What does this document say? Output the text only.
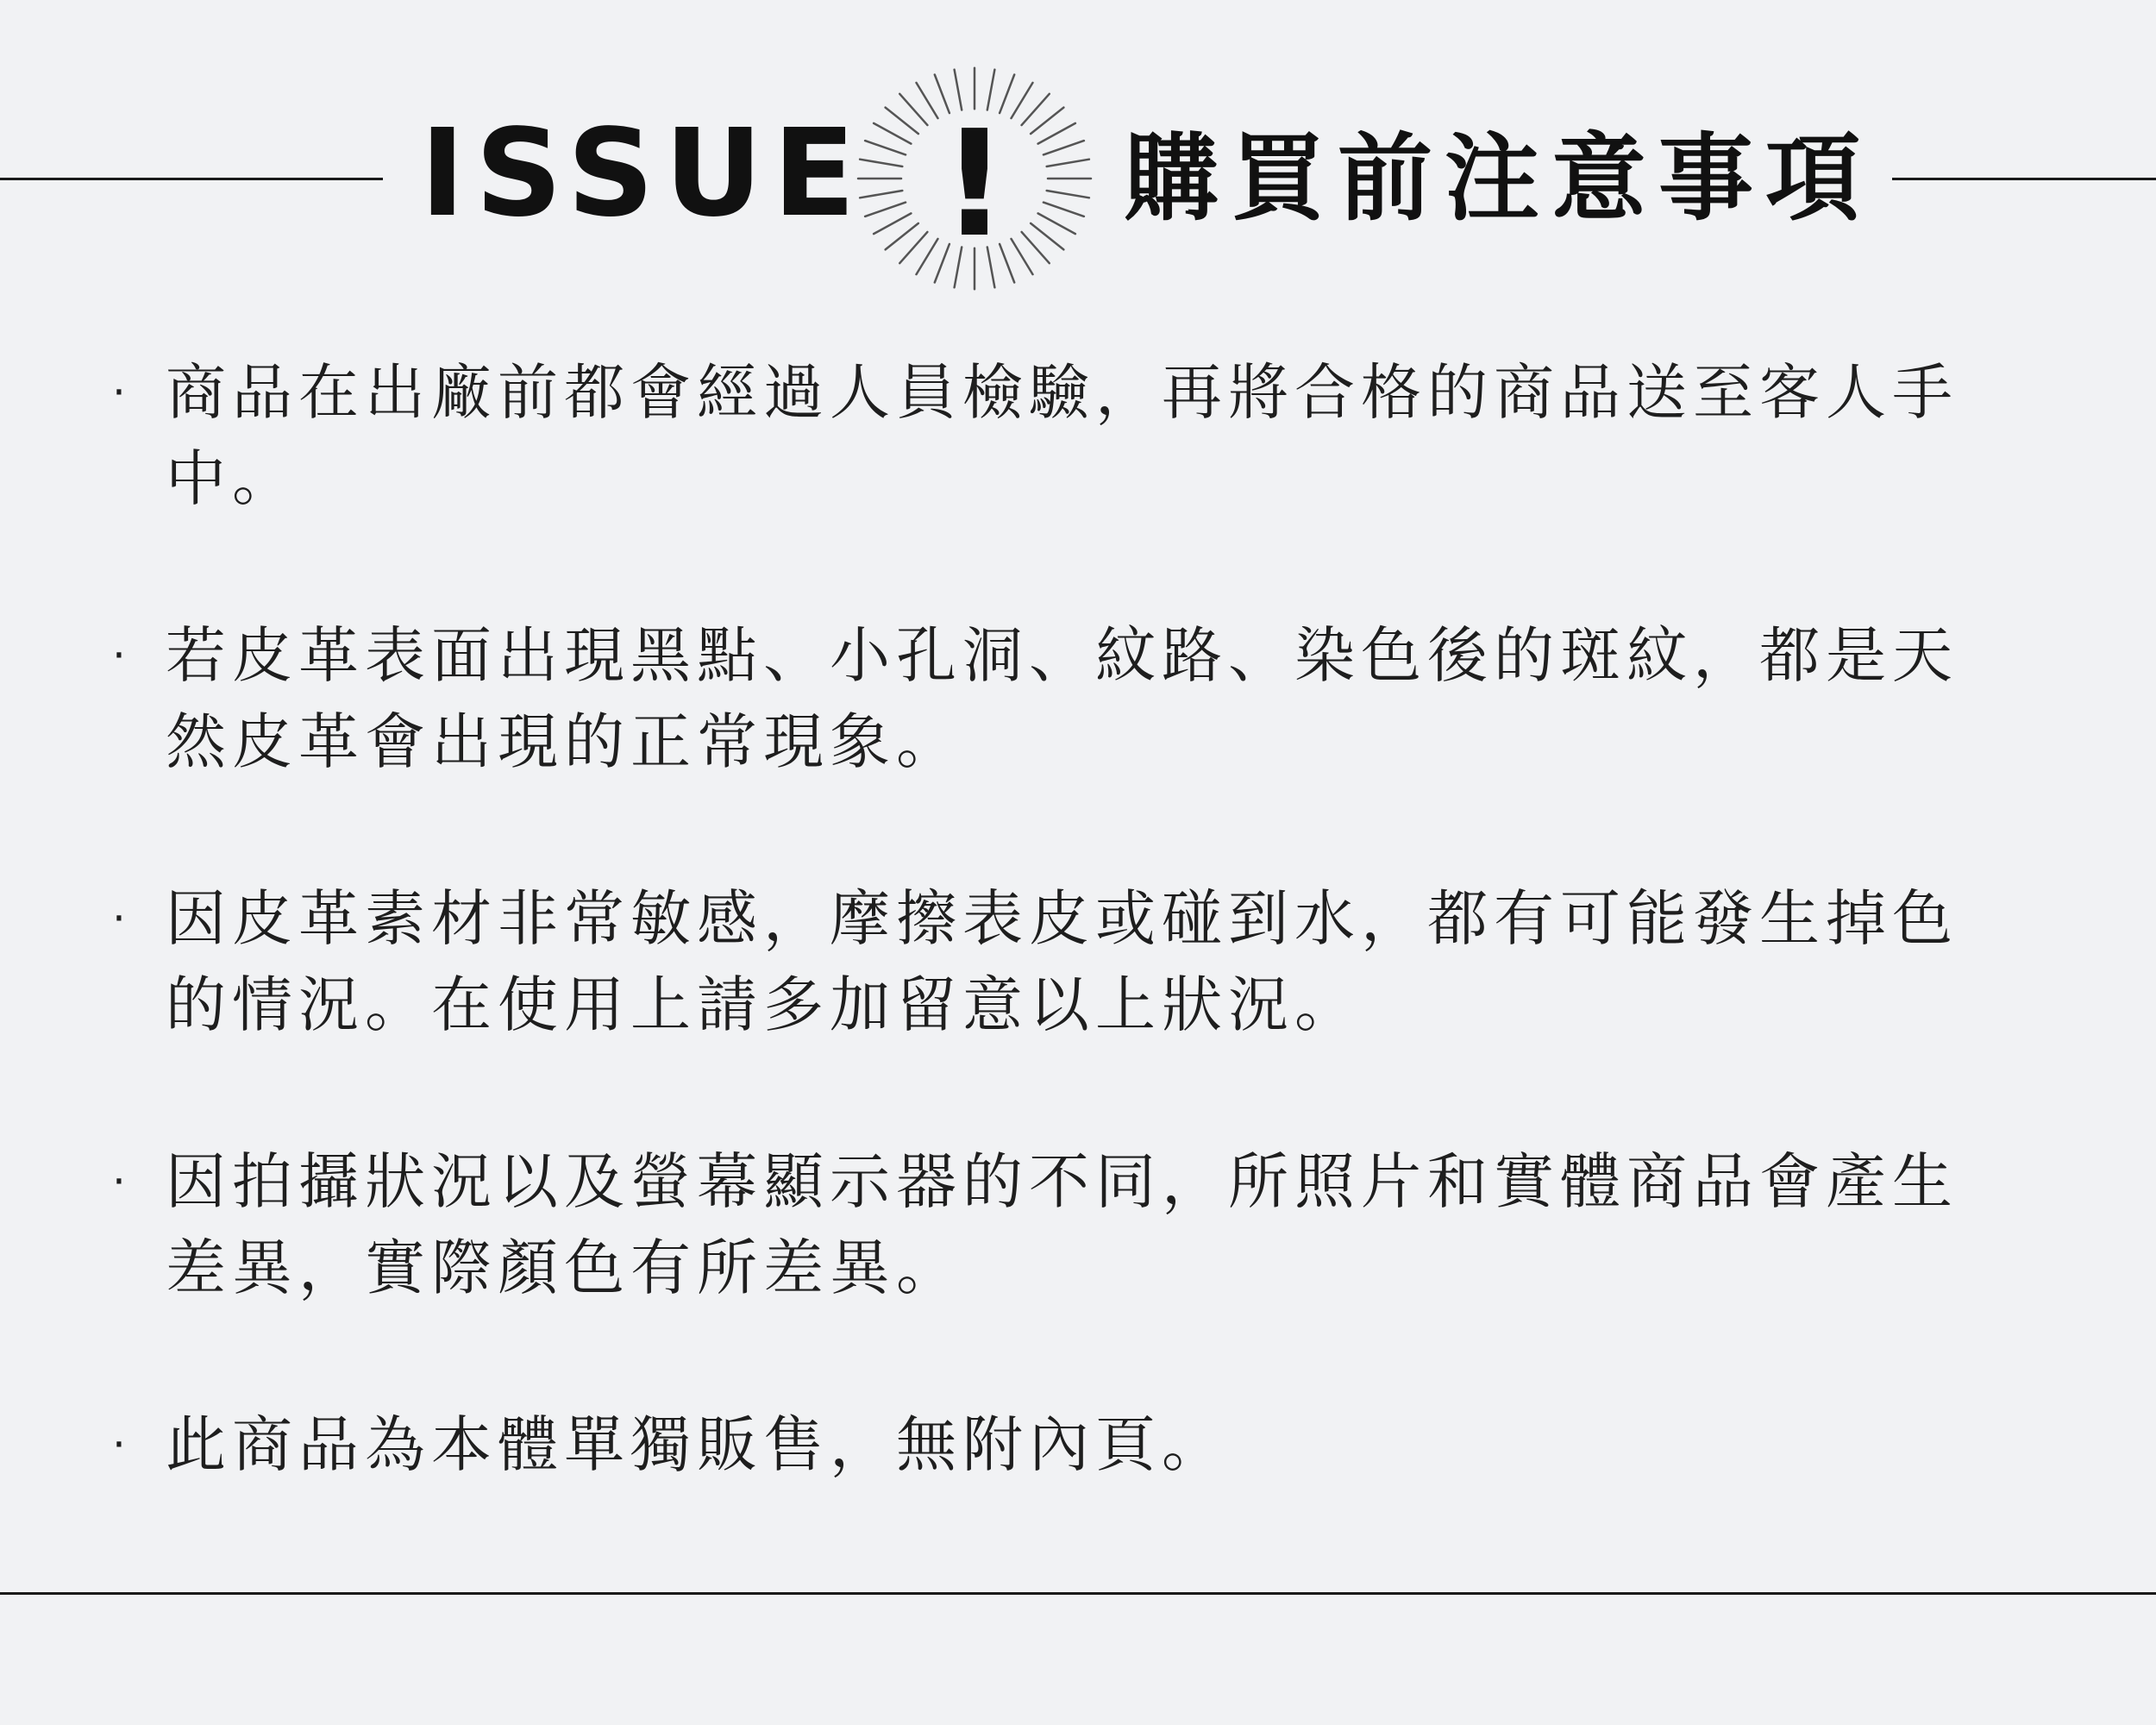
ISSUE ! 購買前注意事項
· 商品在出廠前都會經過人員檢驗，再將合格的商品送至客人手中。
· 若皮革表面出現黑點、小孔洞、紋路、染色後的斑紋，都是天然皮革會出現的正常現象。
· 因皮革素材非常敏感，摩擦表皮或碰到水，都有可能發生掉色的情況。在使用上請多加留意以上狀況。
· 因拍攝狀況以及螢幕顯示器的不同，所照片和實體商品會產生差異，實際顏色有所差異。
· 此商品為本體單獨販售，無附內頁。
